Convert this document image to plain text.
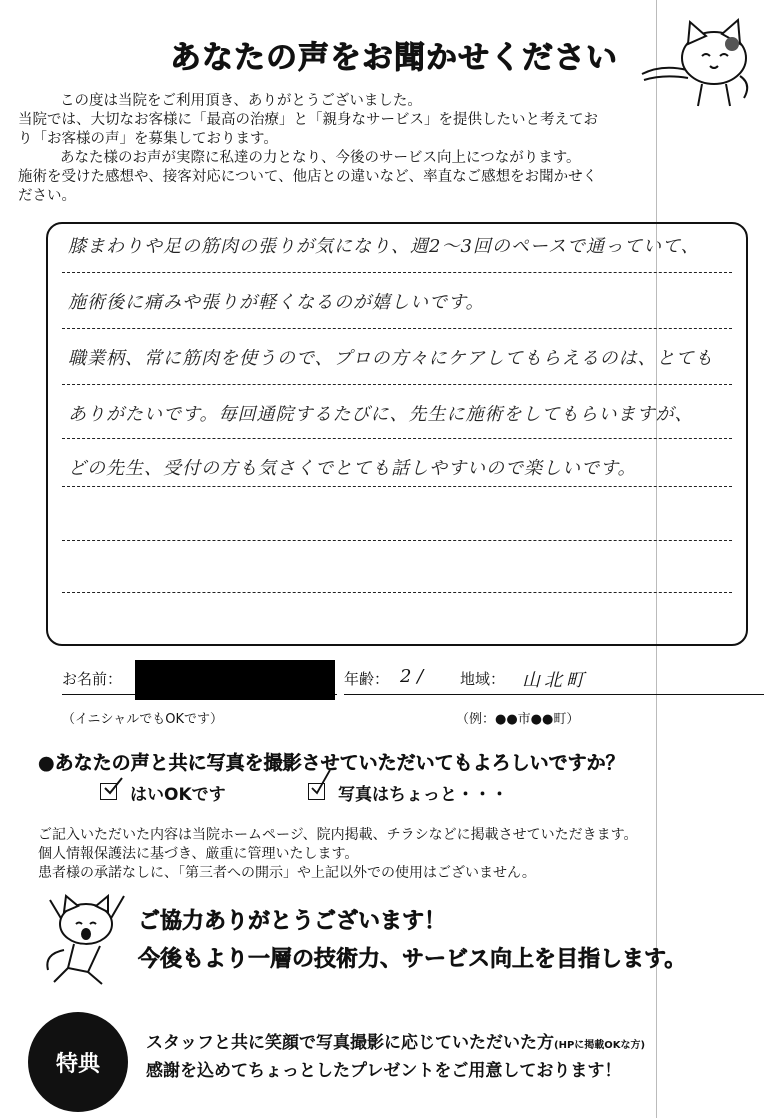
あなたの声をお聞かせください

この度は当院をご利用頂き、ありがとうございました。

当院では、大切なお客様に「最高の治療」と「親身なサービス」を提供したいと考えてお

り「お客様の声」を募集しております。

あなた様のお声が実際に私達の力となり、今後のサービス向上につながります。

施術を受けた感想や、接客対応について、他店との違いなど、率直なご感想をお聞かせく

ださい。

膝まわりや足の筋肉の張りが気になり、週2〜3回のペースで通っていて、
施術後に痛みや張りが軽くなるのが嬉しいです。
職業柄、常に筋肉を使うので、プロの方々にケアしてもらえるのは、とても
ありがたいです。毎回通院するたびに、先生に施術をしてもらいますが、
どの先生、受付の方も気さくでとても話しやすいので楽しいです。
お名前：	年齢： 2 / 地域： 山北町
（イニシャルでもOKです）	（例：●●市●●町）
●あなたの声と共に写真を撮影させていただいてもよろしいですか？
はいOKです	写真はちょっと・・・

ご記入いただいた内容は当院ホームページ、院内掲載、チラシなどに掲載させていただきます。

個人情報保護法に基づき、厳重に管理いたします。

患者様の承諾なしに、「第三者への開示」や上記以外での使用はございません。

ご協力ありがとうございます！
今後もより一層の技術力、サービス向上を目指します。
特典
スタッフと共に笑顔で写真撮影に応じていただいた方(HPに掲載OKな方)
感謝を込めてちょっとしたプレゼントをご用意しております！
